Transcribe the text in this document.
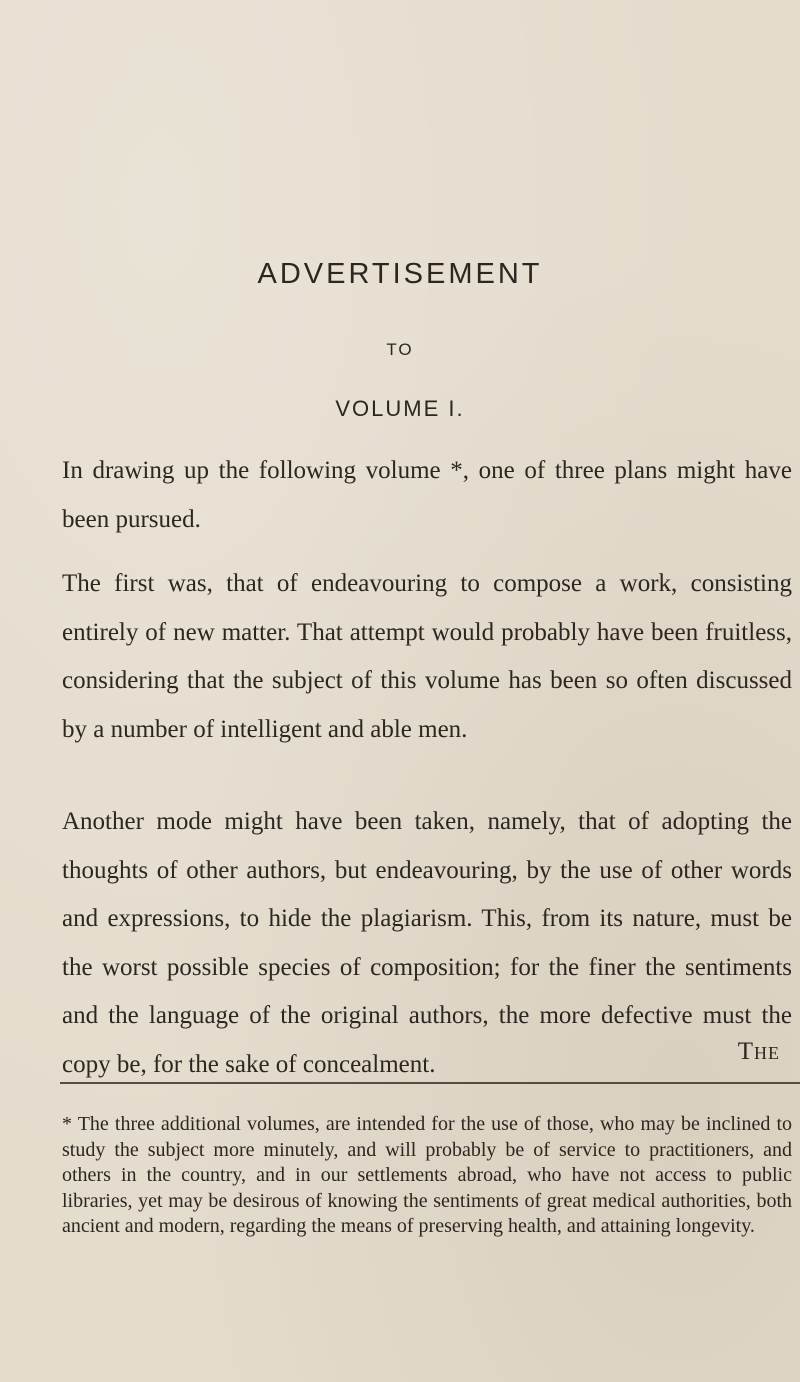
ADVERTISEMENT
TO
VOLUME I.

In drawing up the following volume *, one of three plans might have been pursued.

The first was, that of endeavouring to compose a work, consisting entirely of new matter. That attempt would probably have been fruitless, considering that the subject of this volume has been so often discussed by a number of intelligent and able men.

Another mode might have been taken, namely, that of adopting the thoughts of other authors, but endeavouring, by the use of other words and expressions, to hide the plagiarism. This, from its nature, must be the worst possible species of composition; for the finer the sentiments and the language of the original authors, the more defective must the copy be, for the sake of concealment.	The

* The three additional volumes, are intended for the use of those, who may be inclined to study the subject more minutely, and will probably be of service to practitioners, and others in the country, and in our settlements abroad, who have not access to public libraries, yet may be desirous of knowing the sentiments of great medical authorities, both ancient and modern, regarding the means of preserving health, and attaining longevity.
